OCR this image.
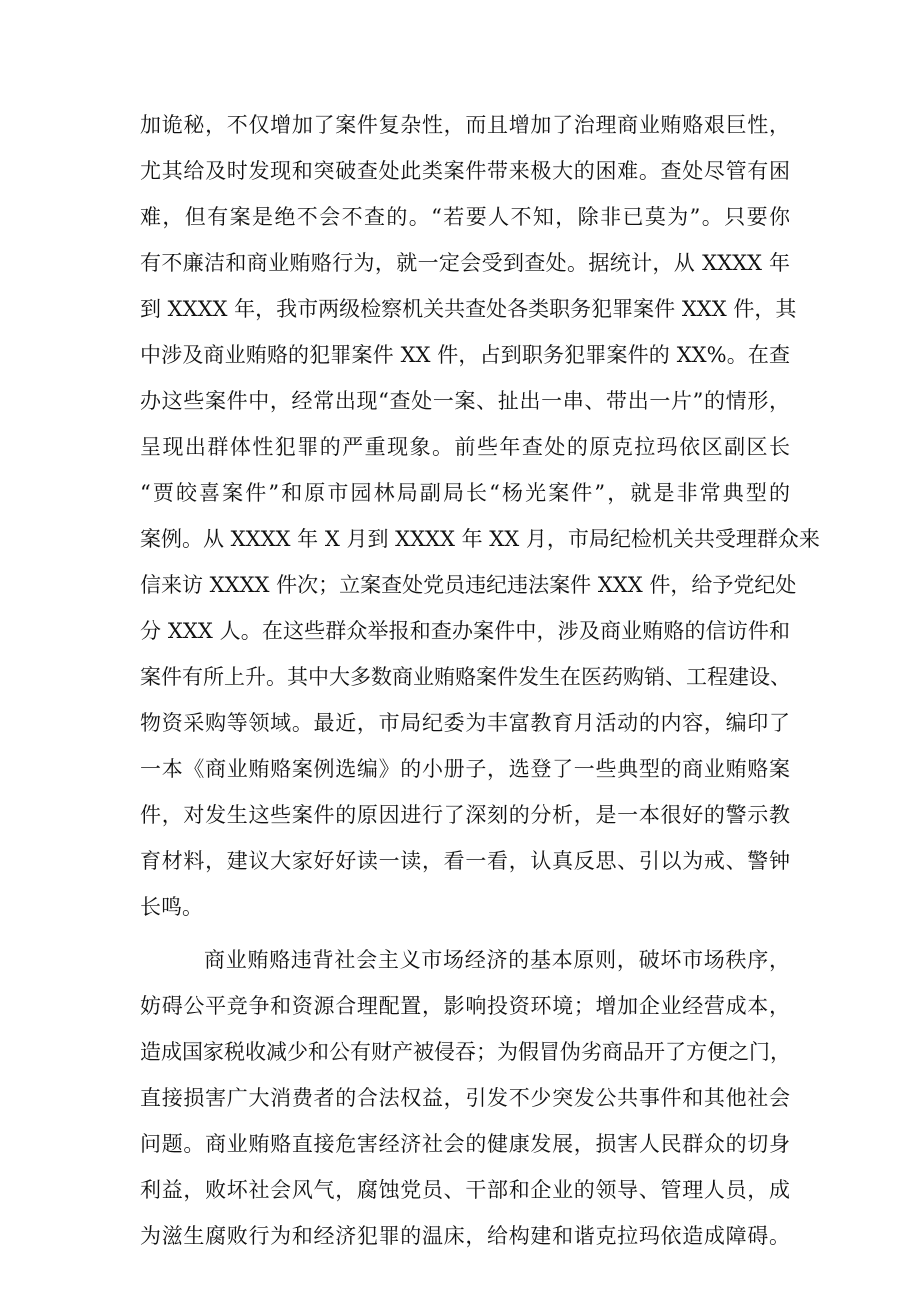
加诡秘，不仅增加了案件复杂性，而且增加了治理商业贿赂艰巨性，
尤其给及时发现和突破查处此类案件带来极大的困难。查处尽管有困
难，但有案是绝不会不查的。“若要人不知，除非已莫为”。只要你
有不廉洁和商业贿赂行为，就一定会受到查处。据统计，从 XXXX 年
到 XXXX 年，我市两级检察机关共查处各类职务犯罪案件 XXX 件，其
中涉及商业贿赂的犯罪案件 XX 件，占到职务犯罪案件的 XX%。在查
办这些案件中，经常出现“查处一案、扯出一串、带出一片”的情形，
呈现出群体性犯罪的严重现象。前些年查处的原克拉玛依区副区长
“贾皎喜案件”和原市园林局副局长“杨光案件”，就是非常典型的
案例。从 XXXX 年 X 月到 XXXX 年 XX 月，市局纪检机关共受理群众来
信来访 XXXX 件次；立案查处党员违纪违法案件 XXX 件，给予党纪处
分 XXX 人。在这些群众举报和查办案件中，涉及商业贿赂的信访件和
案件有所上升。其中大多数商业贿赂案件发生在医药购销、工程建设、
物资采购等领域。最近，市局纪委为丰富教育月活动的内容，编印了
一本《商业贿赂案例选编》的小册子，选登了一些典型的商业贿赂案
件，对发生这些案件的原因进行了深刻的分析，是一本很好的警示教
育材料，建议大家好好读一读，看一看，认真反思、引以为戒、警钟
长鸣。
商业贿赂违背社会主义市场经济的基本原则，破坏市场秩序，
妨碍公平竞争和资源合理配置，影响投资环境；增加企业经营成本，
造成国家税收减少和公有财产被侵吞；为假冒伪劣商品开了方便之门，
直接损害广大消费者的合法权益，引发不少突发公共事件和其他社会
问题。商业贿赂直接危害经济社会的健康发展，损害人民群众的切身
利益，败坏社会风气，腐蚀党员、干部和企业的领导、管理人员，成
为滋生腐败行为和经济犯罪的温床，给构建和谐克拉玛依造成障碍。
